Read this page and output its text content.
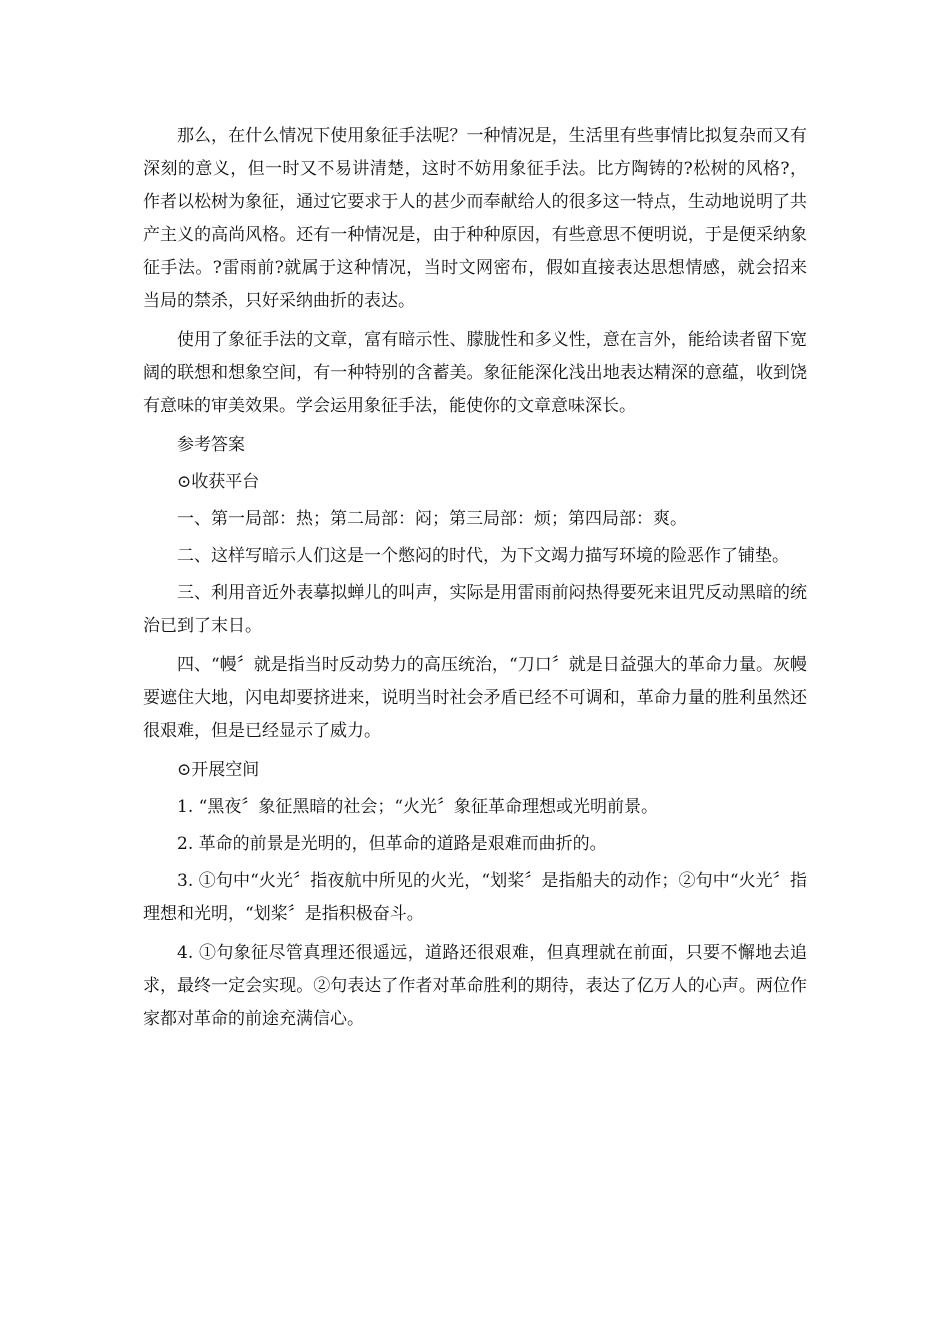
那么，在什么情况下使用象征手法呢？一种情况是，生活里有些事情比拟复杂而又有深刻的意义，但一时又不易讲清楚，这时不妨用象征手法。比方陶铸的?松树的风格?，作者以松树为象征，通过它要求于人的甚少而奉献给人的很多这一特点，生动地说明了共产主义的高尚风格。还有一种情况是，由于种种原因，有些意思不便明说，于是便采纳象征手法。?雷雨前?就属于这种情况，当时文网密布，假如直接表达思想情感，就会招来当局的禁杀，只好采纳曲折的表达。

使用了象征手法的文章，富有暗示性、朦胧性和多义性，意在言外，能给读者留下宽阔的联想和想象空间，有一种特别的含蓄美。象征能深化浅出地表达精深的意蕴，收到饶有意味的审美效果。学会运用象征手法，能使你的文章意味深长。

参考答案

⊙收获平台

一、第一局部：热；第二局部：闷；第三局部：烦；第四局部：爽。

二、这样写暗示人们这是一个憋闷的时代，为下文竭力描写环境的险恶作了铺垫。

三、利用音近外表摹拟蝉儿的叫声，实际是用雷雨前闷热得要死来诅咒反动黑暗的统治已到了末日。

四、“幔〞就是指当时反动势力的高压统治，“刀口〞就是日益强大的革命力量。灰幔要遮住大地，闪电却要挤进来，说明当时社会矛盾已经不可调和，革命力量的胜利虽然还很艰难，但是已经显示了威力。

⊙开展空间

1. “黑夜〞象征黑暗的社会；“火光〞象征革命理想或光明前景。

2. 革命的前景是光明的，但革命的道路是艰难而曲折的。

3. ①句中“火光〞指夜航中所见的火光，“划桨〞是指船夫的动作；②句中“火光〞指理想和光明，“划桨〞是指积极奋斗。

4. ①句象征尽管真理还很遥远，道路还很艰难，但真理就在前面，只要不懈地去追求，最终一定会实现。②句表达了作者对革命胜利的期待，表达了亿万人的心声。两位作家都对革命的前途充满信心。
